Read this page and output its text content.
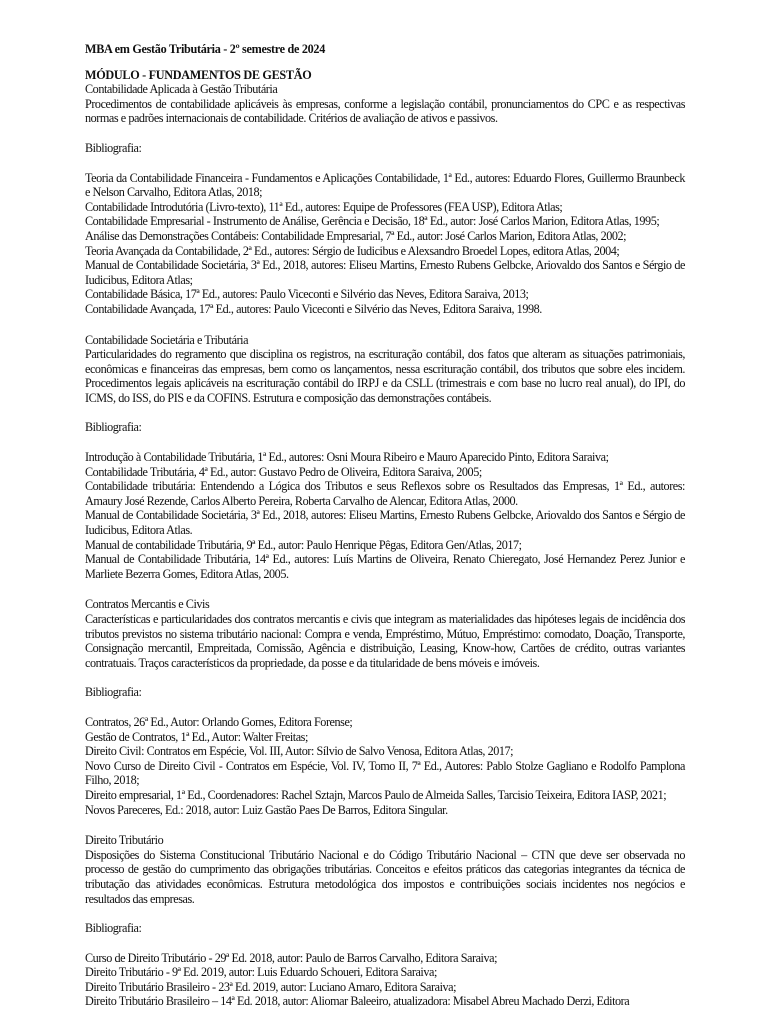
MBA em Gestão Tributária - 2º semestre de 2024

MÓDULO - FUNDAMENTOS DE GESTÃO

Contabilidade Aplicada à Gestão Tributária

Procedimentos de contabilidade aplicáveis às empresas, conforme a legislação contábil, pronunciamentos do CPC e as respectivas normas e padrões internacionais de contabilidade. Critérios de avaliação de ativos e passivos.

Bibliografia:

Teoria da Contabilidade Financeira - Fundamentos e Aplicações Contabilidade, 1ª Ed., autores: Eduardo Flores, Guillermo Braunbeck e Nelson Carvalho, Editora Atlas, 2018;
Contabilidade Introdutória (Livro-texto), 11ª Ed., autores: Equipe de Professores (FEA USP), Editora Atlas;
Contabilidade Empresarial - Instrumento de Análise, Gerência e Decisão, 18ª Ed., autor: José Carlos Marion, Editora Atlas, 1995;
Análise das Demonstrações Contábeis: Contabilidade Empresarial, 7ª Ed., autor: José Carlos Marion, Editora Atlas, 2002;
Teoria Avançada da Contabilidade, 2ª Ed., autores: Sérgio de Iudicibus e Alexsandro Broedel Lopes, editora Atlas, 2004;
Manual de Contabilidade Societária, 3ª Ed., 2018, autores: Eliseu Martins, Ernesto Rubens Gelbcke, Ariovaldo dos Santos e Sérgio de Iudicibus, Editora Atlas;
Contabilidade Básica, 17ª Ed., autores: Paulo Viceconti e Silvério das Neves, Editora Saraiva, 2013;
Contabilidade Avançada, 17ª Ed., autores: Paulo Viceconti e Silvério das Neves, Editora Saraiva, 1998.

Contabilidade Societária e Tributária

Particularidades do regramento que disciplina os registros, na escrituração contábil, dos fatos que alteram as situações patrimoniais, econômicas e financeiras das empresas, bem como os lançamentos, nessa escrituração contábil, dos tributos que sobre eles incidem. Procedimentos legais aplicáveis na escrituração contábil do IRPJ e da CSLL (trimestrais e com base no lucro real anual), do IPI, do ICMS, do ISS, do PIS e da COFINS. Estrutura e composição das demonstrações contábeis.

Bibliografia:

Introdução à Contabilidade Tributária, 1ª Ed., autores: Osni Moura Ribeiro e Mauro Aparecido Pinto, Editora Saraiva;
Contabilidade Tributária, 4ª Ed., autor: Gustavo Pedro de Oliveira, Editora Saraiva, 2005;
Contabilidade tributária: Entendendo a Lógica dos Tributos e seus Reflexos sobre os Resultados das Empresas, 1ª Ed., autores: Amaury José Rezende, Carlos Alberto Pereira, Roberta Carvalho de Alencar, Editora Atlas, 2000.
Manual de Contabilidade Societária, 3ª Ed., 2018, autores: Eliseu Martins, Ernesto Rubens Gelbcke, Ariovaldo dos Santos e Sérgio de Iudicibus, Editora Atlas.
Manual de contabilidade Tributária, 9ª Ed., autor: Paulo Henrique Pêgas, Editora Gen/Atlas, 2017;
Manual de Contabilidade Tributária, 14ª Ed., autores: Luís Martins de Oliveira, Renato Chieregato, José Hernandez Perez Junior e Marliete Bezerra Gomes, Editora Atlas, 2005.

Contratos Mercantis e Civis

Características e particularidades dos contratos mercantis e civis que integram as materialidades das hipóteses legais de incidência dos tributos previstos no sistema tributário nacional: Compra e venda, Empréstimo, Mútuo, Empréstimo: comodato, Doação, Transporte, Consignação mercantil, Empreitada, Comissão, Agência e distribuição, Leasing, Know-how, Cartões de crédito, outras variantes contratuais. Traços característicos da propriedade, da posse e da titularidade de bens móveis e imóveis.

Bibliografia:

Contratos, 26ª Ed., Autor: Orlando Gomes, Editora Forense;
Gestão de Contratos, 1ª Ed., Autor: Walter Freitas;
Direito Civil: Contratos em Espécie, Vol. III, Autor: Sílvio de Salvo Venosa, Editora Atlas, 2017;
Novo Curso de Direito Civil - Contratos em Espécie, Vol. IV, Tomo II, 7ª Ed., Autores: Pablo Stolze Gagliano e Rodolfo Pamplona Filho, 2018;
Direito empresarial, 1ª Ed., Coordenadores: Rachel Sztajn, Marcos Paulo de Almeida Salles, Tarcisio Teixeira, Editora IASP, 2021;
Novos Pareceres, Ed.: 2018, autor: Luiz Gastão Paes De Barros, Editora Singular.

Direito Tributário

Disposições do Sistema Constitucional Tributário Nacional e do Código Tributário Nacional – CTN que deve ser observada no processo de gestão do cumprimento das obrigações tributárias. Conceitos e efeitos práticos das categorias integrantes da técnica de tributação das atividades econômicas. Estrutura metodológica dos impostos e contribuições sociais incidentes nos negócios e resultados das empresas.

Bibliografia:

Curso de Direito Tributário - 29ª Ed. 2018, autor: Paulo de Barros Carvalho, Editora Saraiva;
Direito Tributário - 9ª Ed. 2019, autor: Luis Eduardo Schoueri, Editora Saraiva;
Direito Tributário Brasileiro - 23ª Ed. 2019, autor: Luciano Amaro, Editora Saraiva;
Direito Tributário Brasileiro – 14ª Ed. 2018, autor: Aliomar Baleeiro, atualizadora: Misabel Abreu Machado Derzi, Editora
